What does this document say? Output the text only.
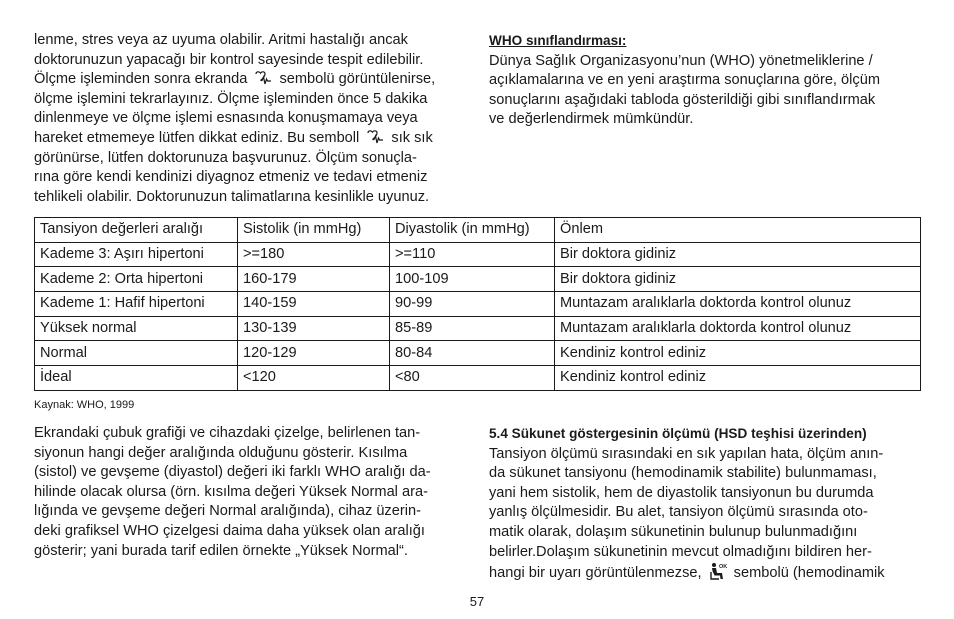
lenme, stres veya az uyuma olabilir. Aritmi hastalığı ancak
doktorunuzun yapacağı bir kontrol sayesinde tespit edilebilir.
Ölçme işleminden sonra ekranda  sembolü görüntülenirse,
ölçme işlemini tekrarlayınız. Ölçme işleminden önce 5 dakika
dinlenmeye ve ölçme işlemi esnasında konuşmamaya veya
hareket etmemeye lütfen dikkat ediniz. Bu semboll  sık sık
görünürse, lütfen doktorunuza başvurunuz. Ölçüm sonuçla-
rına göre kendi kendinizi diyagnoz etmeniz ve tedavi etmeniz
tehlikeli olabilir. Doktorunuzun talimatlarına kesinlikle uyunuz.
WHO sınıflandırması:
Dünya Sağlık Organizasyonu’nun (WHO) yönetmeliklerine /
açıklamalarına ve en yeni araştırma sonuçlarına göre, ölçüm
sonuçlarını aşağıdaki tabloda gösterildiği gibi sınıflandırmak
ve değerlendirmek mümkündür.
Tansiyon değerleri aralığı	Sistolik (in mmHg)	Diyastolik (in mmHg)	Önlem
Kademe 3: Aşırı hipertoni	>=180	>=110	Bir doktora gidiniz
Kademe 2: Orta hipertoni	160-179	100-109	Bir doktora gidiniz
Kademe 1: Hafif hipertoni	140-159	90-99	Muntazam aralıklarla doktorda kontrol olunuz
Yüksek normal	130-139	85-89	Muntazam aralıklarla doktorda kontrol olunuz
Normal	120-129	80-84	Kendiniz kontrol ediniz
İdeal	<120	<80	Kendiniz kontrol ediniz
Kaynak: WHO, 1999
Ekrandaki çubuk grafiği ve cihazdaki çizelge, belirlenen tan-
siyonun hangi değer aralığında olduğunu gösterir. Kısılma
(sistol) ve gevşeme (diyastol) değeri iki farklı WHO aralığı da-
hilinde olacak olursa (örn. kısılma değeri Yüksek Normal ara-
lığında ve gevşeme değeri Normal aralığında), cihaz üzerin-
deki grafiksel WHO çizelgesi daima daha yüksek olan aralığı
gösterir; yani burada tarif edilen örnekte „Yüksek Normal“.
5.4 Sükunet göstergesinin ölçümü (HSD teşhisi üzerinden)
Tansiyon ölçümü sırasındaki en sık yapılan hata, ölçüm anın-
da sükunet tansiyonu (hemodinamik stabilite) bulunmaması,
yani hem sistolik, hem de diyastolik tansiyonun bu durumda
yanlış ölçülmesidir. Bu alet, tansiyon ölçümü sırasında oto-
matik olarak, dolaşım sükunetinin bulunup bulunmadığını
belirler.Dolaşım sükunetinin mevcut olmadığını bildiren her-
hangi bir uyarı görüntülenmezse, OK sembolü (hemodinamik
57
